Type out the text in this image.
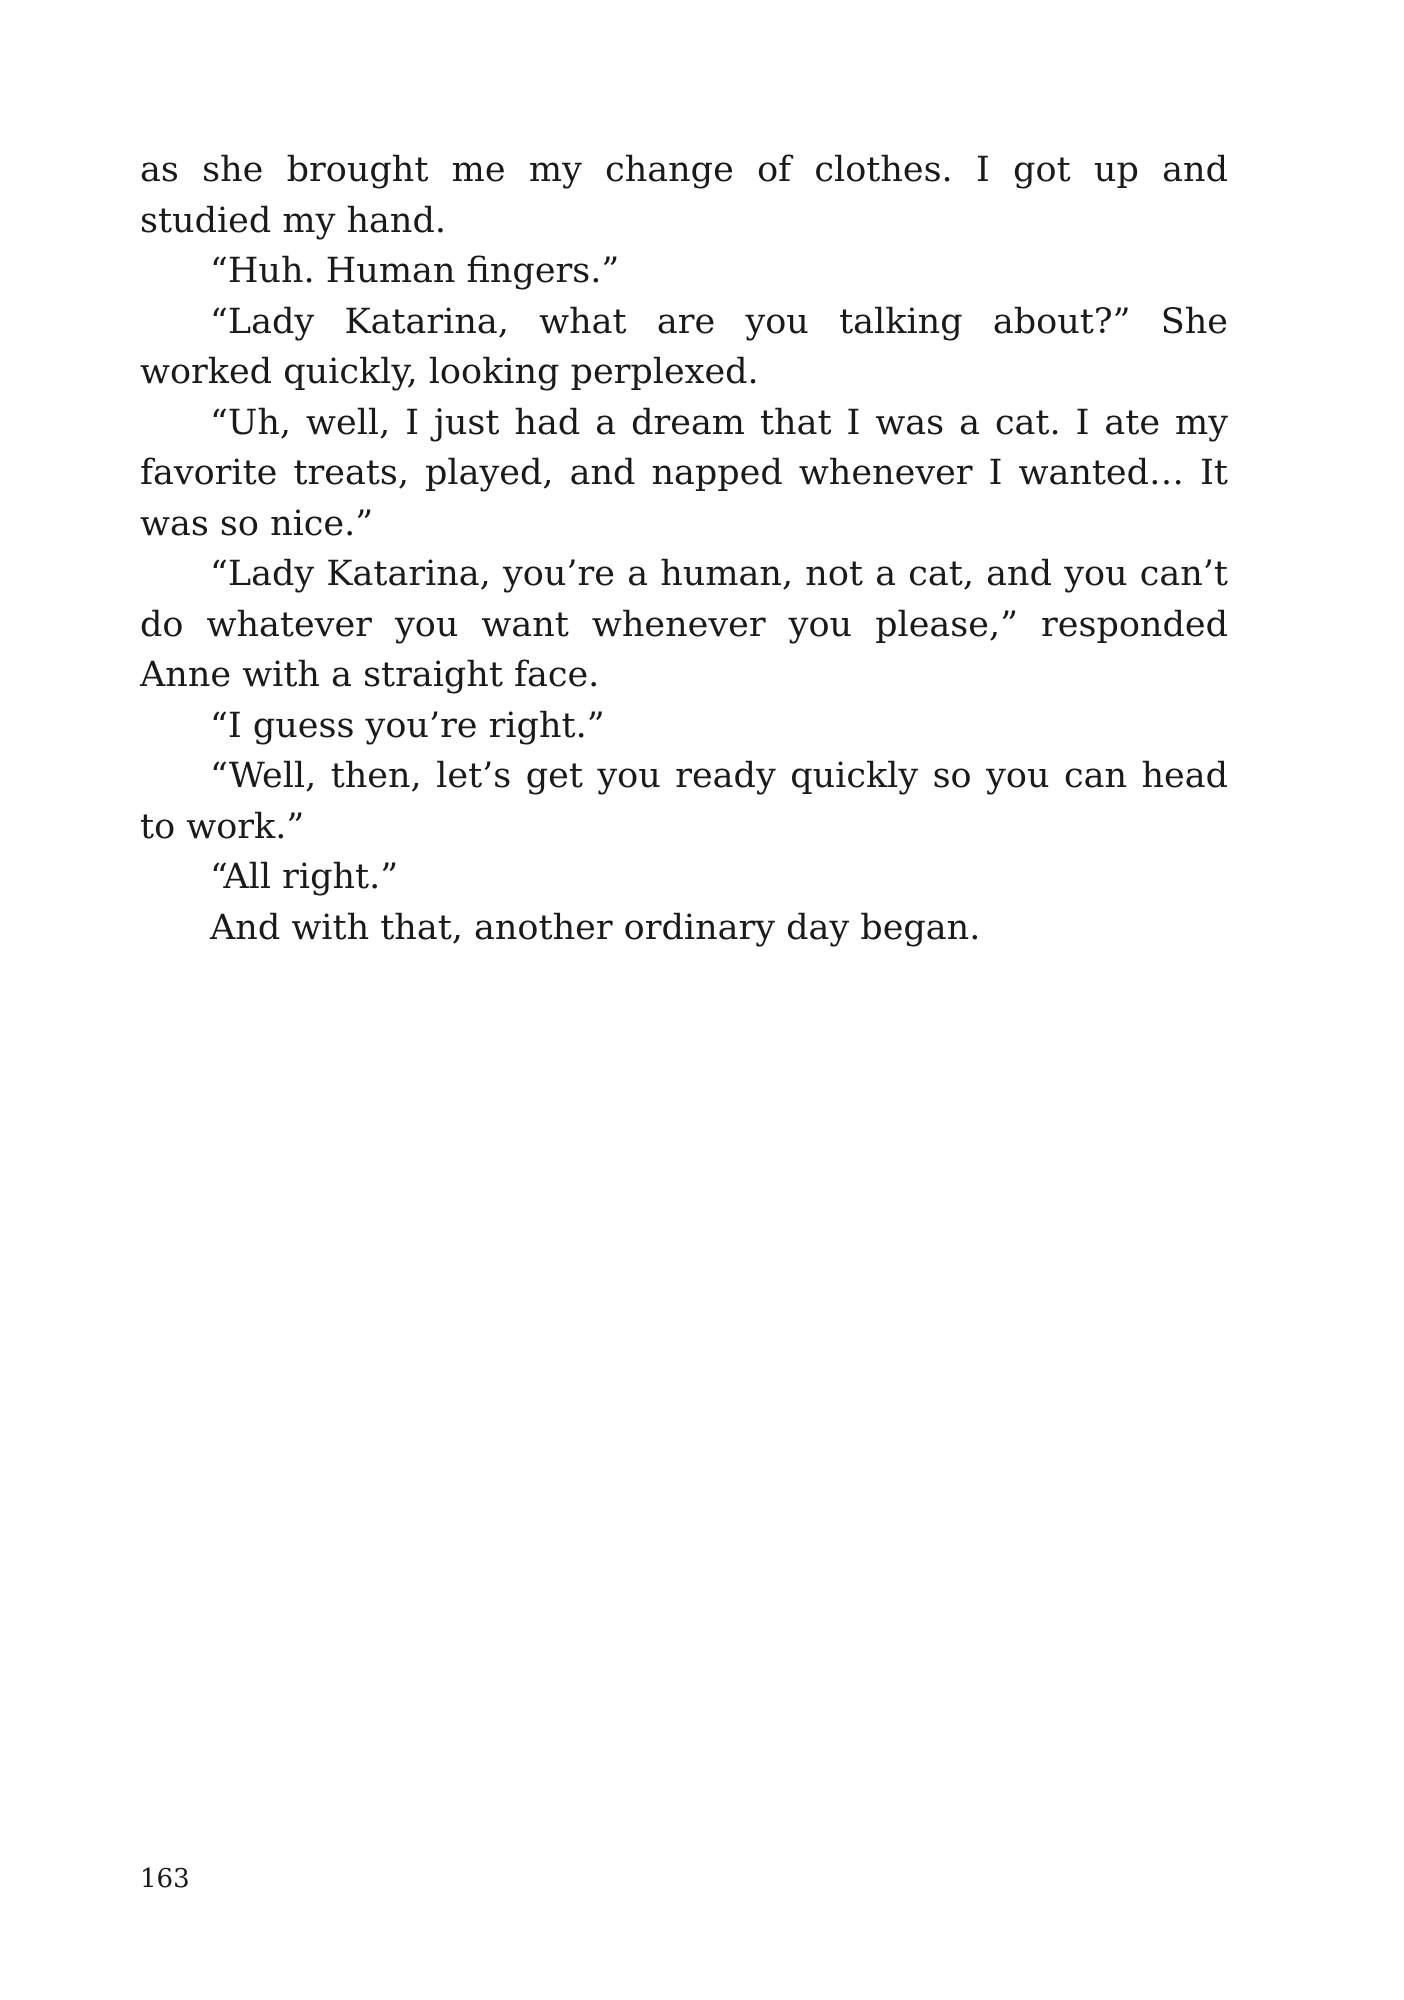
as she brought me my change of clothes. I got up and studied my hand.

“Huh. Human fingers.”

“Lady Katarina, what are you talking about?” She worked quickly, looking perplexed.

“Uh, well, I just had a dream that I was a cat. I ate my favorite treats, played, and napped whenever I wanted… It was so nice.”

“Lady Katarina, you’re a human, not a cat, and you can’t do whatever you want whenever you please,” responded Anne with a straight face.

“I guess you’re right.”

“Well, then, let’s get you ready quickly so you can head to work.”

“All right.”

And with that, another ordinary day began.

163
